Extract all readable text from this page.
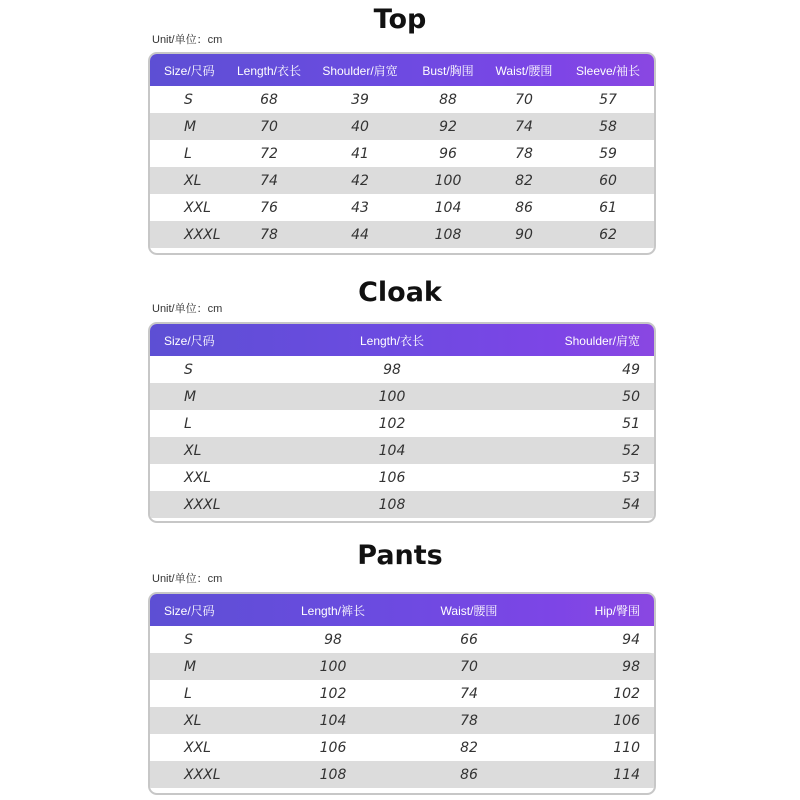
Top
Unit/单位：cm
Size/尺码	Length/衣长	Shoulder/肩宽	Bust/胸围	Waist/腰围	Sleeve/袖长
S	68	39	88	70	57
M	70	40	92	74	58
L	72	41	96	78	59
XL	74	42	100	82	60
XXL	76	43	104	86	61
XXXL	78	44	108	90	62
Cloak
Unit/单位：cm
Size/尺码	Length/衣长	Shoulder/肩宽
S	98	49
M	100	50
L	102	51
XL	104	52
XXL	106	53
XXXL	108	54
Pants
Unit/单位：cm
Size/尺码	Length/裤长	Waist/腰围	Hip/臀围
S	98	66	94
M	100	70	98
L	102	74	102
XL	104	78	106
XXL	106	82	110
XXXL	108	86	114
